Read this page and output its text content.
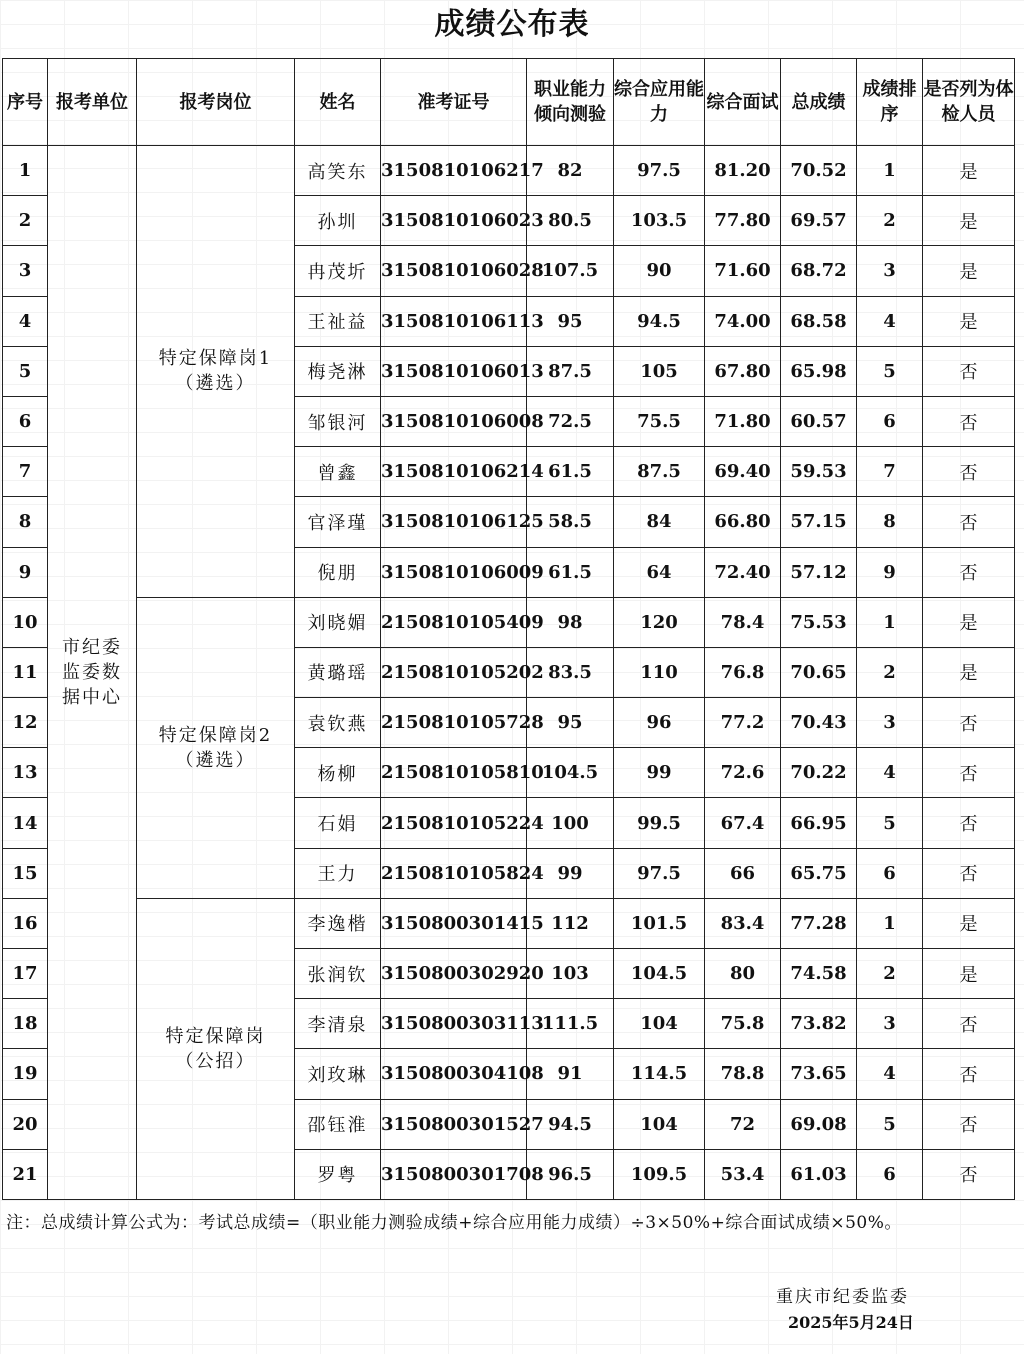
成绩公布表
序号	报考单位	报考岗位	姓名	准考证号	职业能力倾向测验	综合应用能力	综合面试	总成绩	成绩排序	是否列为体检人员
1	市纪委监委数据中心	特定保障岗1（遴选）	高笑东	3150810106217	82	97.5	81.20	70.52	1	是
2			孙圳	3150810106023	80.5	103.5	77.80	69.57	2	是
3			冉茂圻	3150810106028	107.5	90	71.60	68.72	3	是
4			王祉益	3150810106113	95	94.5	74.00	68.58	4	是
5			梅尧淋	3150810106013	87.5	105	67.80	65.98	5	否
6			邹银河	3150810106008	72.5	75.5	71.80	60.57	6	否
7			曾鑫	3150810106214	61.5	87.5	69.40	59.53	7	否
8			官泽瑾	3150810106125	58.5	84	66.80	57.15	8	否
9			倪朋	3150810106009	61.5	64	72.40	57.12	9	否
10		特定保障岗2（遴选）	刘晓媚	2150810105409	98	120	78.4	75.53	1	是
11			黄璐瑶	2150810105202	83.5	110	76.8	70.65	2	是
12			袁钦燕	2150810105728	95	96	77.2	70.43	3	否
13			杨柳	2150810105810	104.5	99	72.6	70.22	4	否
14			石娟	2150810105224	100	99.5	67.4	66.95	5	否
15			王力	2150810105824	99	97.5	66	65.75	6	否
16		特定保障岗（公招）	李逸楷	3150800301415	112	101.5	83.4	77.28	1	是
17			张润钦	3150800302920	103	104.5	80	74.58	2	是
18			李清泉	3150800303113	111.5	104	75.8	73.82	3	否
19			刘玫琳	3150800304108	91	114.5	78.8	73.65	4	否
20			邵钰淮	3150800301527	94.5	104	72	69.08	5	否
21			罗粤	3150800301708	96.5	109.5	53.4	61.03	6	否
注：总成绩计算公式为：考试总成绩=（职业能力测验成绩+综合应用能力成绩）÷3×50%+综合面试成绩×50%。
重庆市纪委监委
2025年5月24日
